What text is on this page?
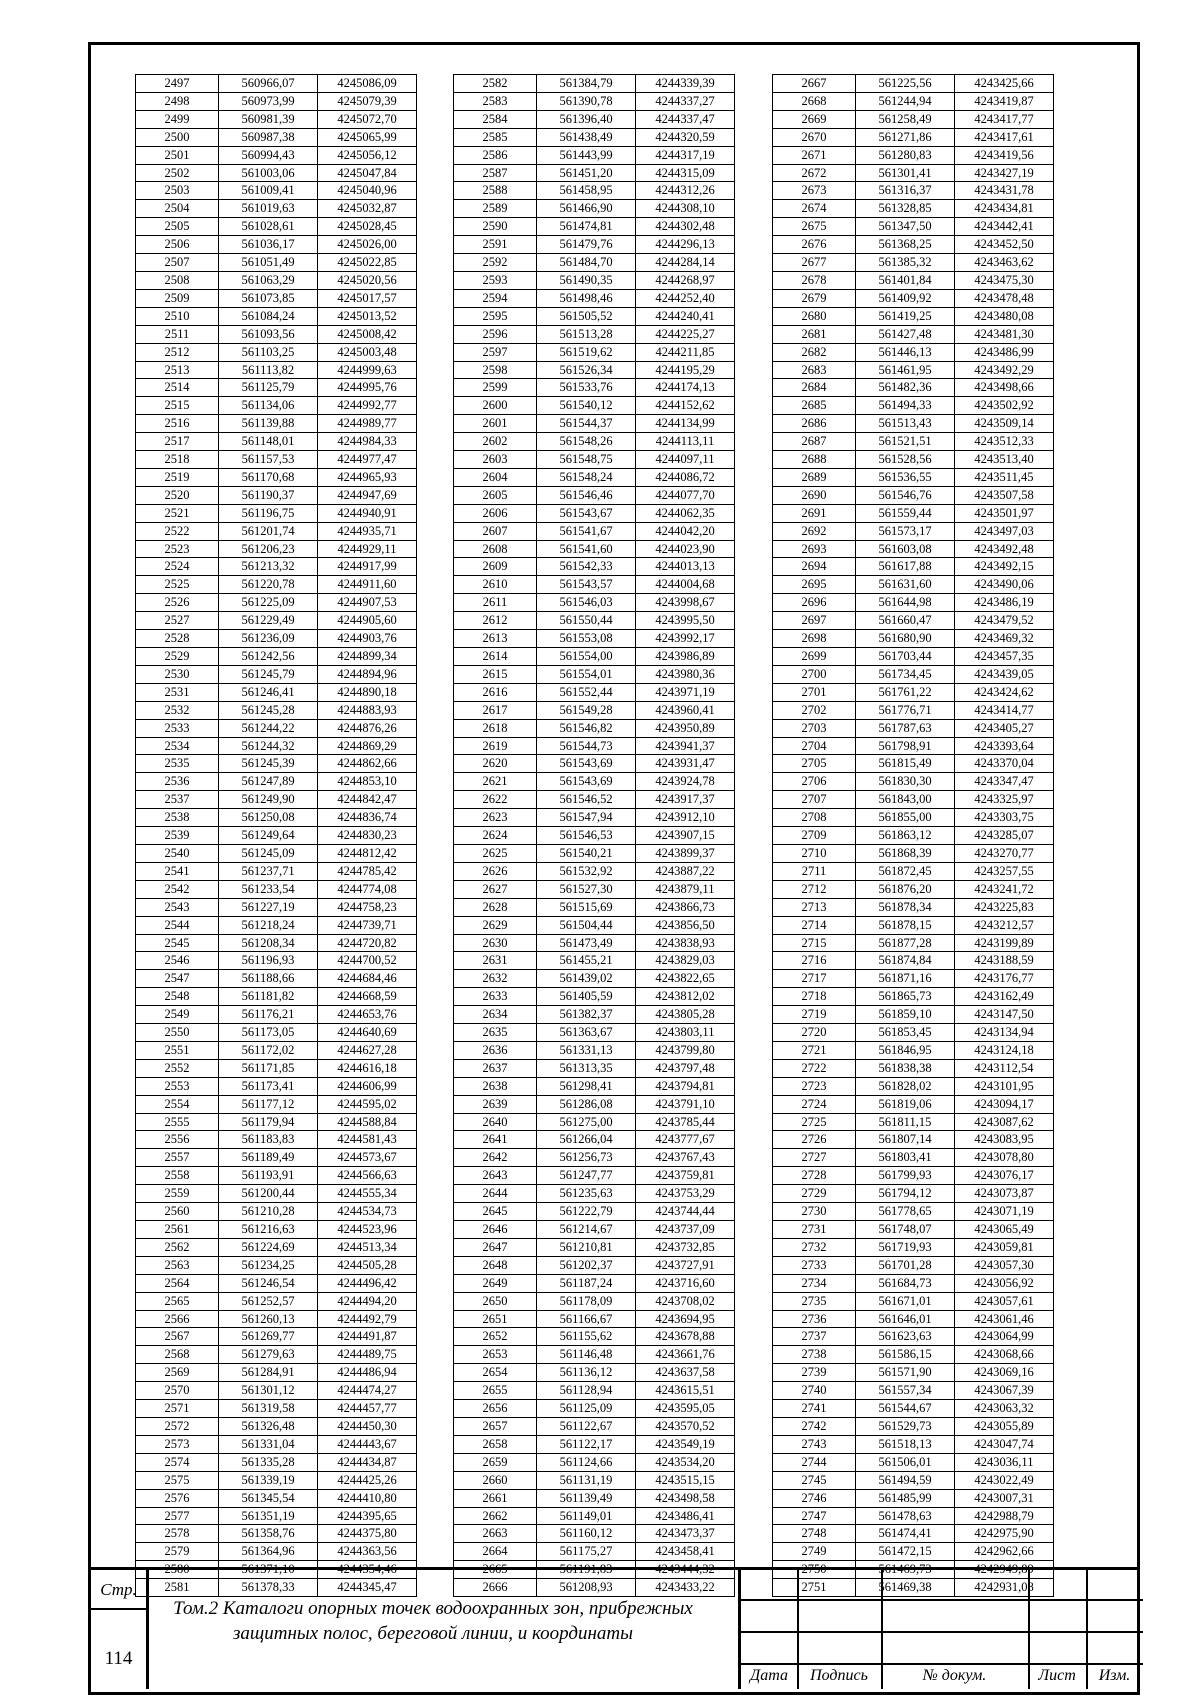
2497	560966,07	4245086,09
2498	560973,99	4245079,39
2499	560981,39	4245072,70
2500	560987,38	4245065,99
2501	560994,43	4245056,12
2502	561003,06	4245047,84
2503	561009,41	4245040,96
2504	561019,63	4245032,87
2505	561028,61	4245028,45
2506	561036,17	4245026,00
2507	561051,49	4245022,85
2508	561063,29	4245020,56
2509	561073,85	4245017,57
2510	561084,24	4245013,52
2511	561093,56	4245008,42
2512	561103,25	4245003,48
2513	561113,82	4244999,63
2514	561125,79	4244995,76
2515	561134,06	4244992,77
2516	561139,88	4244989,77
2517	561148,01	4244984,33
2518	561157,53	4244977,47
2519	561170,68	4244965,93
2520	561190,37	4244947,69
2521	561196,75	4244940,91
2522	561201,74	4244935,71
2523	561206,23	4244929,11
2524	561213,32	4244917,99
2525	561220,78	4244911,60
2526	561225,09	4244907,53
2527	561229,49	4244905,60
2528	561236,09	4244903,76
2529	561242,56	4244899,34
2530	561245,79	4244894,96
2531	561246,41	4244890,18
2532	561245,28	4244883,93
2533	561244,22	4244876,26
2534	561244,32	4244869,29
2535	561245,39	4244862,66
2536	561247,89	4244853,10
2537	561249,90	4244842,47
2538	561250,08	4244836,74
2539	561249,64	4244830,23
2540	561245,09	4244812,42
2541	561237,71	4244785,42
2542	561233,54	4244774,08
2543	561227,19	4244758,23
2544	561218,24	4244739,71
2545	561208,34	4244720,82
2546	561196,93	4244700,52
2547	561188,66	4244684,46
2548	561181,82	4244668,59
2549	561176,21	4244653,76
2550	561173,05	4244640,69
2551	561172,02	4244627,28
2552	561171,85	4244616,18
2553	561173,41	4244606,99
2554	561177,12	4244595,02
2555	561179,94	4244588,84
2556	561183,83	4244581,43
2557	561189,49	4244573,67
2558	561193,91	4244566,63
2559	561200,44	4244555,34
2560	561210,28	4244534,73
2561	561216,63	4244523,96
2562	561224,69	4244513,34
2563	561234,25	4244505,28
2564	561246,54	4244496,42
2565	561252,57	4244494,20
2566	561260,13	4244492,79
2567	561269,77	4244491,87
2568	561279,63	4244489,75
2569	561284,91	4244486,94
2570	561301,12	4244474,27
2571	561319,58	4244457,77
2572	561326,48	4244450,30
2573	561331,04	4244443,67
2574	561335,28	4244434,87
2575	561339,19	4244425,26
2576	561345,54	4244410,80
2577	561351,19	4244395,65
2578	561358,76	4244375,80
2579	561364,96	4244363,56
2580	561371,10	4244354,46
2581	561378,33	4244345,47
2582	561384,79	4244339,39
2583	561390,78	4244337,27
2584	561396,40	4244337,47
2585	561438,49	4244320,59
2586	561443,99	4244317,19
2587	561451,20	4244315,09
2588	561458,95	4244312,26
2589	561466,90	4244308,10
2590	561474,81	4244302,48
2591	561479,76	4244296,13
2592	561484,70	4244284,14
2593	561490,35	4244268,97
2594	561498,46	4244252,40
2595	561505,52	4244240,41
2596	561513,28	4244225,27
2597	561519,62	4244211,85
2598	561526,34	4244195,29
2599	561533,76	4244174,13
2600	561540,12	4244152,62
2601	561544,37	4244134,99
2602	561548,26	4244113,11
2603	561548,75	4244097,11
2604	561548,24	4244086,72
2605	561546,46	4244077,70
2606	561543,67	4244062,35
2607	561541,67	4244042,20
2608	561541,60	4244023,90
2609	561542,33	4244013,13
2610	561543,57	4244004,68
2611	561546,03	4243998,67
2612	561550,44	4243995,50
2613	561553,08	4243992,17
2614	561554,00	4243986,89
2615	561554,01	4243980,36
2616	561552,44	4243971,19
2617	561549,28	4243960,41
2618	561546,82	4243950,89
2619	561544,73	4243941,37
2620	561543,69	4243931,47
2621	561543,69	4243924,78
2622	561546,52	4243917,37
2623	561547,94	4243912,10
2624	561546,53	4243907,15
2625	561540,21	4243899,37
2626	561532,92	4243887,22
2627	561527,30	4243879,11
2628	561515,69	4243866,73
2629	561504,44	4243856,50
2630	561473,49	4243838,93
2631	561455,21	4243829,03
2632	561439,02	4243822,65
2633	561405,59	4243812,02
2634	561382,37	4243805,28
2635	561363,67	4243803,11
2636	561331,13	4243799,80
2637	561313,35	4243797,48
2638	561298,41	4243794,81
2639	561286,08	4243791,10
2640	561275,00	4243785,44
2641	561266,04	4243777,67
2642	561256,73	4243767,43
2643	561247,77	4243759,81
2644	561235,63	4243753,29
2645	561222,79	4243744,44
2646	561214,67	4243737,09
2647	561210,81	4243732,85
2648	561202,37	4243727,91
2649	561187,24	4243716,60
2650	561178,09	4243708,02
2651	561166,67	4243694,95
2652	561155,62	4243678,88
2653	561146,48	4243661,76
2654	561136,12	4243637,58
2655	561128,94	4243615,51
2656	561125,09	4243595,05
2657	561122,67	4243570,52
2658	561122,17	4243549,19
2659	561124,66	4243534,20
2660	561131,19	4243515,15
2661	561139,49	4243498,58
2662	561149,01	4243486,41
2663	561160,12	4243473,37
2664	561175,27	4243458,41
2665	561191,83	4243444,32
2666	561208,93	4243433,22
2667	561225,56	4243425,66
2668	561244,94	4243419,87
2669	561258,49	4243417,77
2670	561271,86	4243417,61
2671	561280,83	4243419,56
2672	561301,41	4243427,19
2673	561316,37	4243431,78
2674	561328,85	4243434,81
2675	561347,50	4243442,41
2676	561368,25	4243452,50
2677	561385,32	4243463,62
2678	561401,84	4243475,30
2679	561409,92	4243478,48
2680	561419,25	4243480,08
2681	561427,48	4243481,30
2682	561446,13	4243486,99
2683	561461,95	4243492,29
2684	561482,36	4243498,66
2685	561494,33	4243502,92
2686	561513,43	4243509,14
2687	561521,51	4243512,33
2688	561528,56	4243513,40
2689	561536,55	4243511,45
2690	561546,76	4243507,58
2691	561559,44	4243501,97
2692	561573,17	4243497,03
2693	561603,08	4243492,48
2694	561617,88	4243492,15
2695	561631,60	4243490,06
2696	561644,98	4243486,19
2697	561660,47	4243479,52
2698	561680,90	4243469,32
2699	561703,44	4243457,35
2700	561734,45	4243439,05
2701	561761,22	4243424,62
2702	561776,71	4243414,77
2703	561787,63	4243405,27
2704	561798,91	4243393,64
2705	561815,49	4243370,04
2706	561830,30	4243347,47
2707	561843,00	4243325,97
2708	561855,00	4243303,75
2709	561863,12	4243285,07
2710	561868,39	4243270,77
2711	561872,45	4243257,55
2712	561876,20	4243241,72
2713	561878,34	4243225,83
2714	561878,15	4243212,57
2715	561877,28	4243199,89
2716	561874,84	4243188,59
2717	561871,16	4243176,77
2718	561865,73	4243162,49
2719	561859,10	4243147,50
2720	561853,45	4243134,94
2721	561846,95	4243124,18
2722	561838,38	4243112,54
2723	561828,02	4243101,95
2724	561819,06	4243094,17
2725	561811,15	4243087,62
2726	561807,14	4243083,95
2727	561803,41	4243078,80
2728	561799,93	4243076,17
2729	561794,12	4243073,87
2730	561778,65	4243071,19
2731	561748,07	4243065,49
2732	561719,93	4243059,81
2733	561701,28	4243057,30
2734	561684,73	4243056,92
2735	561671,01	4243057,61
2736	561646,01	4243061,46
2737	561623,63	4243064,99
2738	561586,15	4243068,66
2739	561571,90	4243069,16
2740	561557,34	4243067,39
2741	561544,67	4243063,32
2742	561529,73	4243055,89
2743	561518,13	4243047,74
2744	561506,01	4243036,11
2745	561494,59	4243022,49
2746	561485,99	4243007,31
2747	561478,63	4242988,79
2748	561474,41	4242975,90
2749	561472,15	4242962,66
2750	561469,73	4242949,89
2751	561469,38	4242931,08
Стр.
114
Том.2 Каталоги опорных точек водоохранных зон, прибрежных защитных полос, береговой линии, и координаты
Дата	Подпись	№ докум.	Лист	Изм.
